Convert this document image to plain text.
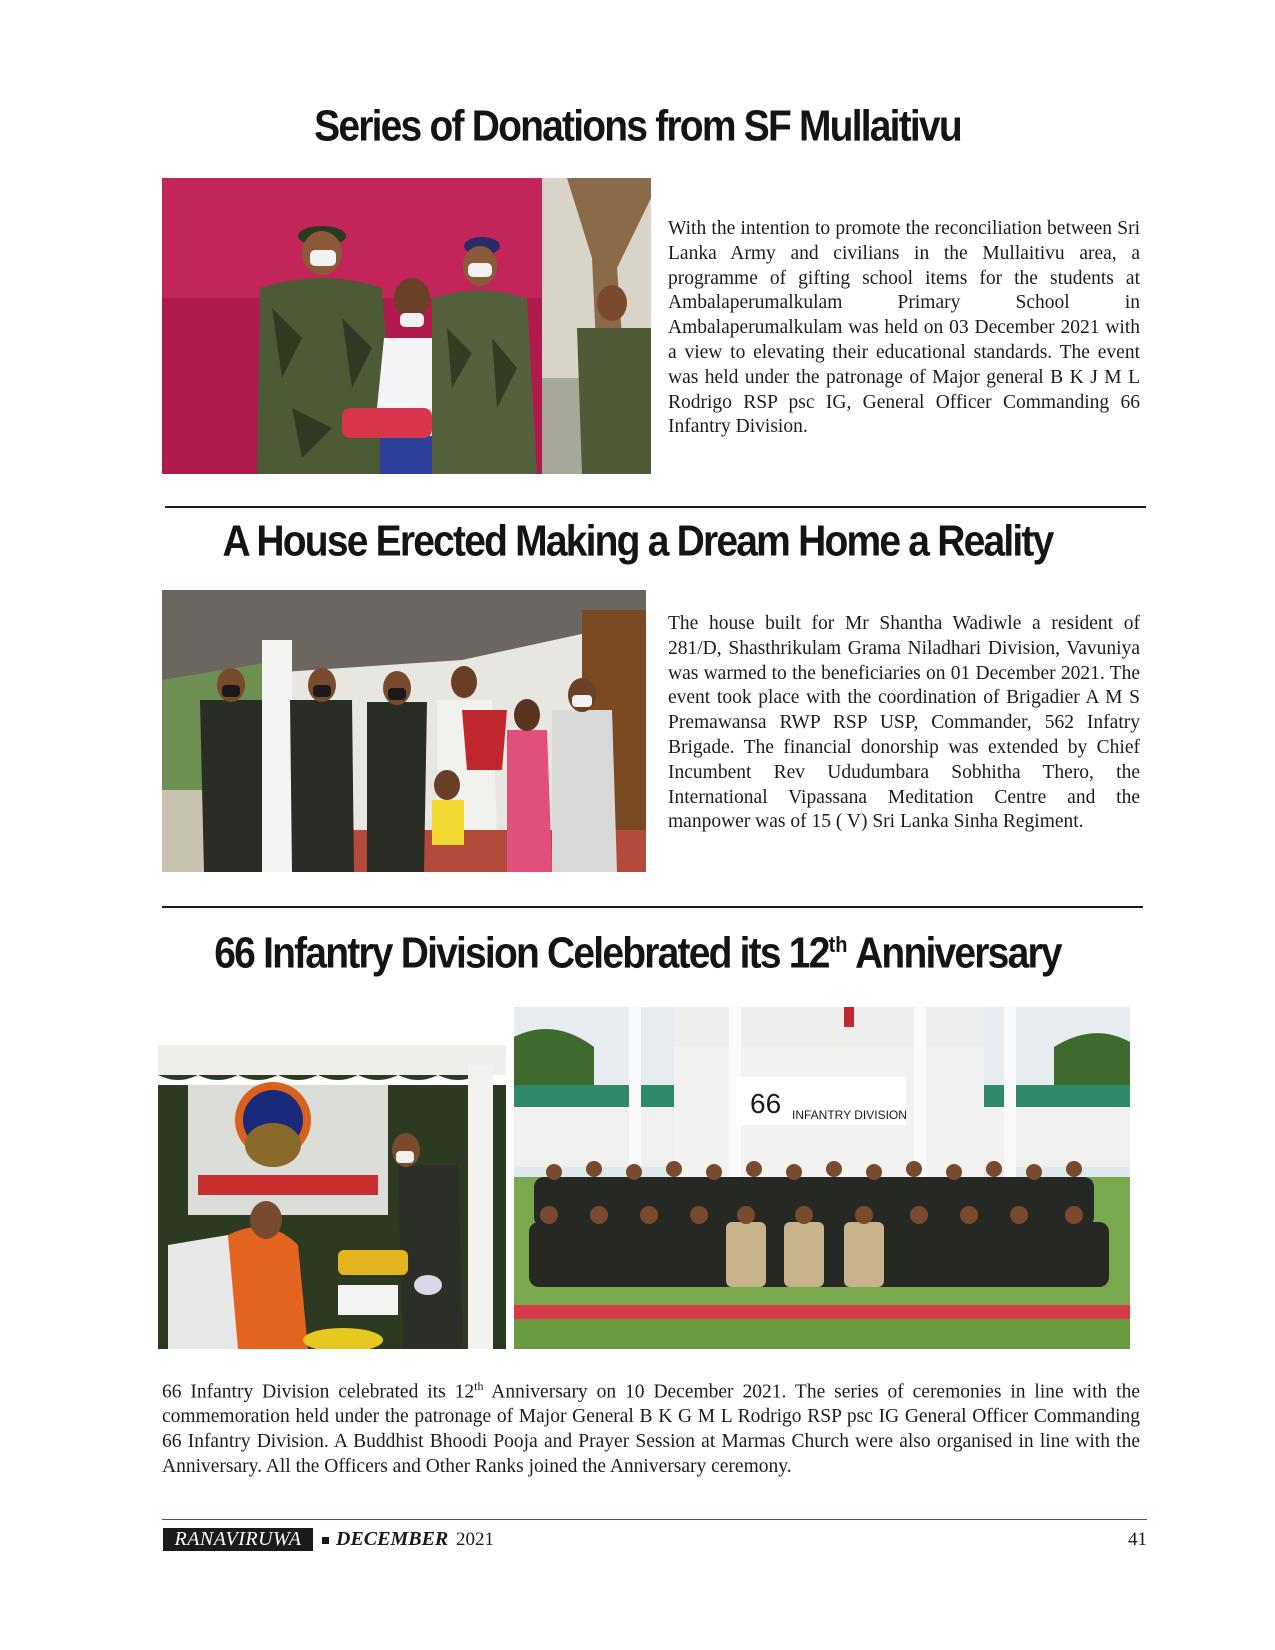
Series of Donations from SF Mullaitivu

With the intention to promote the reconciliation between Sri Lanka Army and civilians in the Mullaitivu area, a programme of gifting school items for the students at Ambalaperumalkulam Primary School in Ambalaperumalkulam was held on 03 December 2021 with a view to elevating their educational standards. The event was held under the patronage of Major general B K J M L Rodrigo RSP psc IG, General Officer Commanding 66 Infantry Division.

A House Erected Making a Dream Home a Reality

The house built for Mr Shantha Wadiwle a resident of 281/D, Shasthrikulam Grama Niladhari Division, Vavuniya was warmed to the beneficiaries on 01 December 2021. The event took place with the coordination of Brigadier A M S Premawansa RWP RSP USP, Commander, 562 Infatry Brigade. The financial donorship was extended by Chief Incumbent Rev Ududumbara Sobhitha Thero, the International Vipassana Meditation Centre and the manpower was of 15 ( V) Sri Lanka Sinha Regiment.

66 Infantry Division Celebrated its 12th Anniversary
66 INFANTRY DIVISION

66 Infantry Division celebrated its 12th Anniversary on 10 December 2021. The series of ceremonies in line with the commemoration held under the patronage of Major General B K G M L Rodrigo RSP psc IG General Officer Commanding 66 Infantry Division. A Buddhist Bhoodi Pooja and Prayer Session at Marmas Church were also organised in line with the Anniversary. All the Officers and Other Ranks joined the Anniversary ceremony.

RANAVIRUWA	DECEMBER 2021	41
